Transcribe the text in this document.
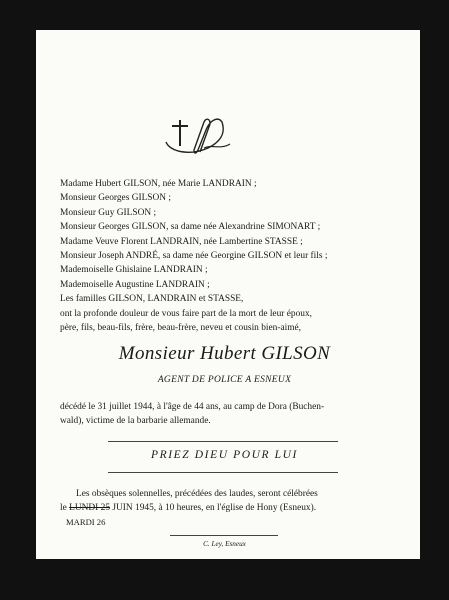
Madame Hubert GILSON, née Marie LANDRAIN ;
Monsieur Georges GILSON ;
Monsieur Guy GILSON ;
Monsieur Georges GILSON, sa dame née Alexandrine SIMONART ;
Madame Veuve Florent LANDRAIN, née Lambertine STASSE ;
Monsieur Joseph ANDRÉ, sa dame née Georgine GILSON et leur fils ;
Mademoiselle Ghislaine LANDRAIN ;
Mademoiselle Augustine LANDRAIN ;
Les familles GILSON, LANDRAIN et STASSE,
ont la profonde douleur de vous faire part de la mort de leur époux,
père, fils, beau-fils, frère, beau-frère, neveu et cousin bien-aimé,
Monsieur Hubert GILSON
AGENT DE POLICE A ESNEUX
décédé le 31 juillet 1944, à l'âge de 44 ans, au camp de Dora (Buchen-
wald), victime de la barbarie allemande.
PRIEZ DIEU POUR LUI
Les obsèques solennelles, précédées des laudes, seront célébrées
le LUNDI 25 JUIN 1945, à 10 heures, en l'église de Hony (Esneux).
MARDI 26
C. Ley, Esneux
